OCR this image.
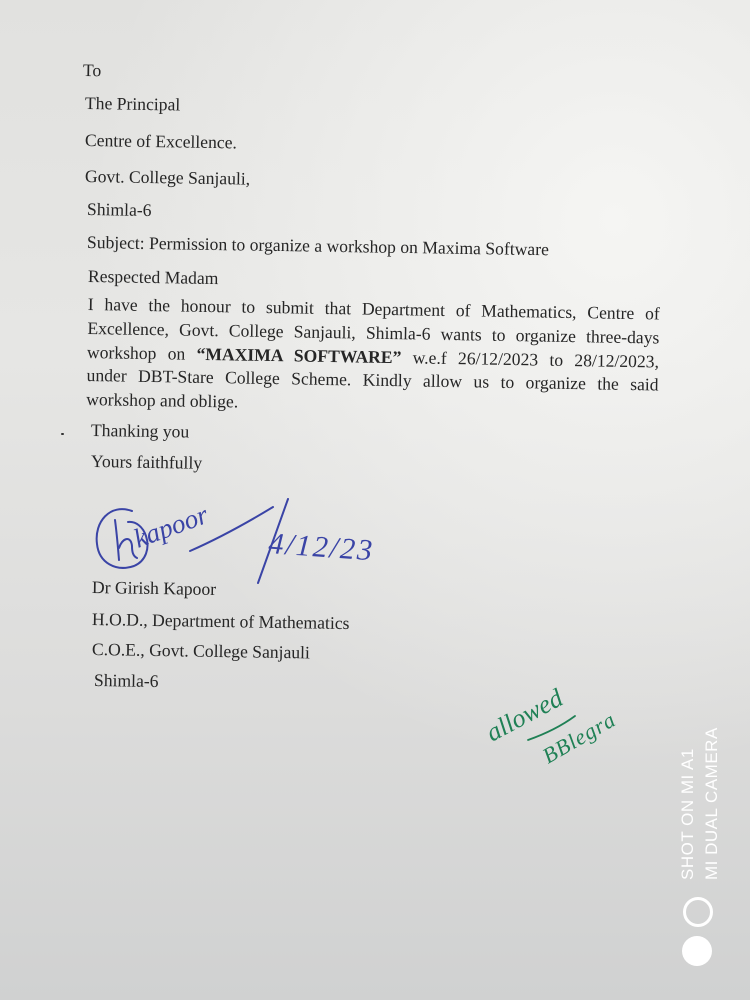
To
The Principal
Centre of Excellence.
Govt. College Sanjauli,
Shimla-6
Subject: Permission to organize a workshop on Maxima Software
Respected Madam
I have the honour to submit that Department of Mathematics, Centre of
Excellence, Govt. College Sanjauli, Shimla-6 wants to organize three-days
workshop on “MAXIMA SOFTWARE” w.e.f 26/12/2023 to 28/12/2023,
under DBT-Stare College Scheme. Kindly allow us to organize the said
workshop and oblige.
Thanking you
Yours faithfully
Dr Girish Kapoor
H.O.D., Department of Mathematics
C.O.E., Govt. College Sanjauli
Shimla-6
kapoor 4/12/23
allowed
BBlegra
SHOT ON MI A1 MI DUAL CAMERA
